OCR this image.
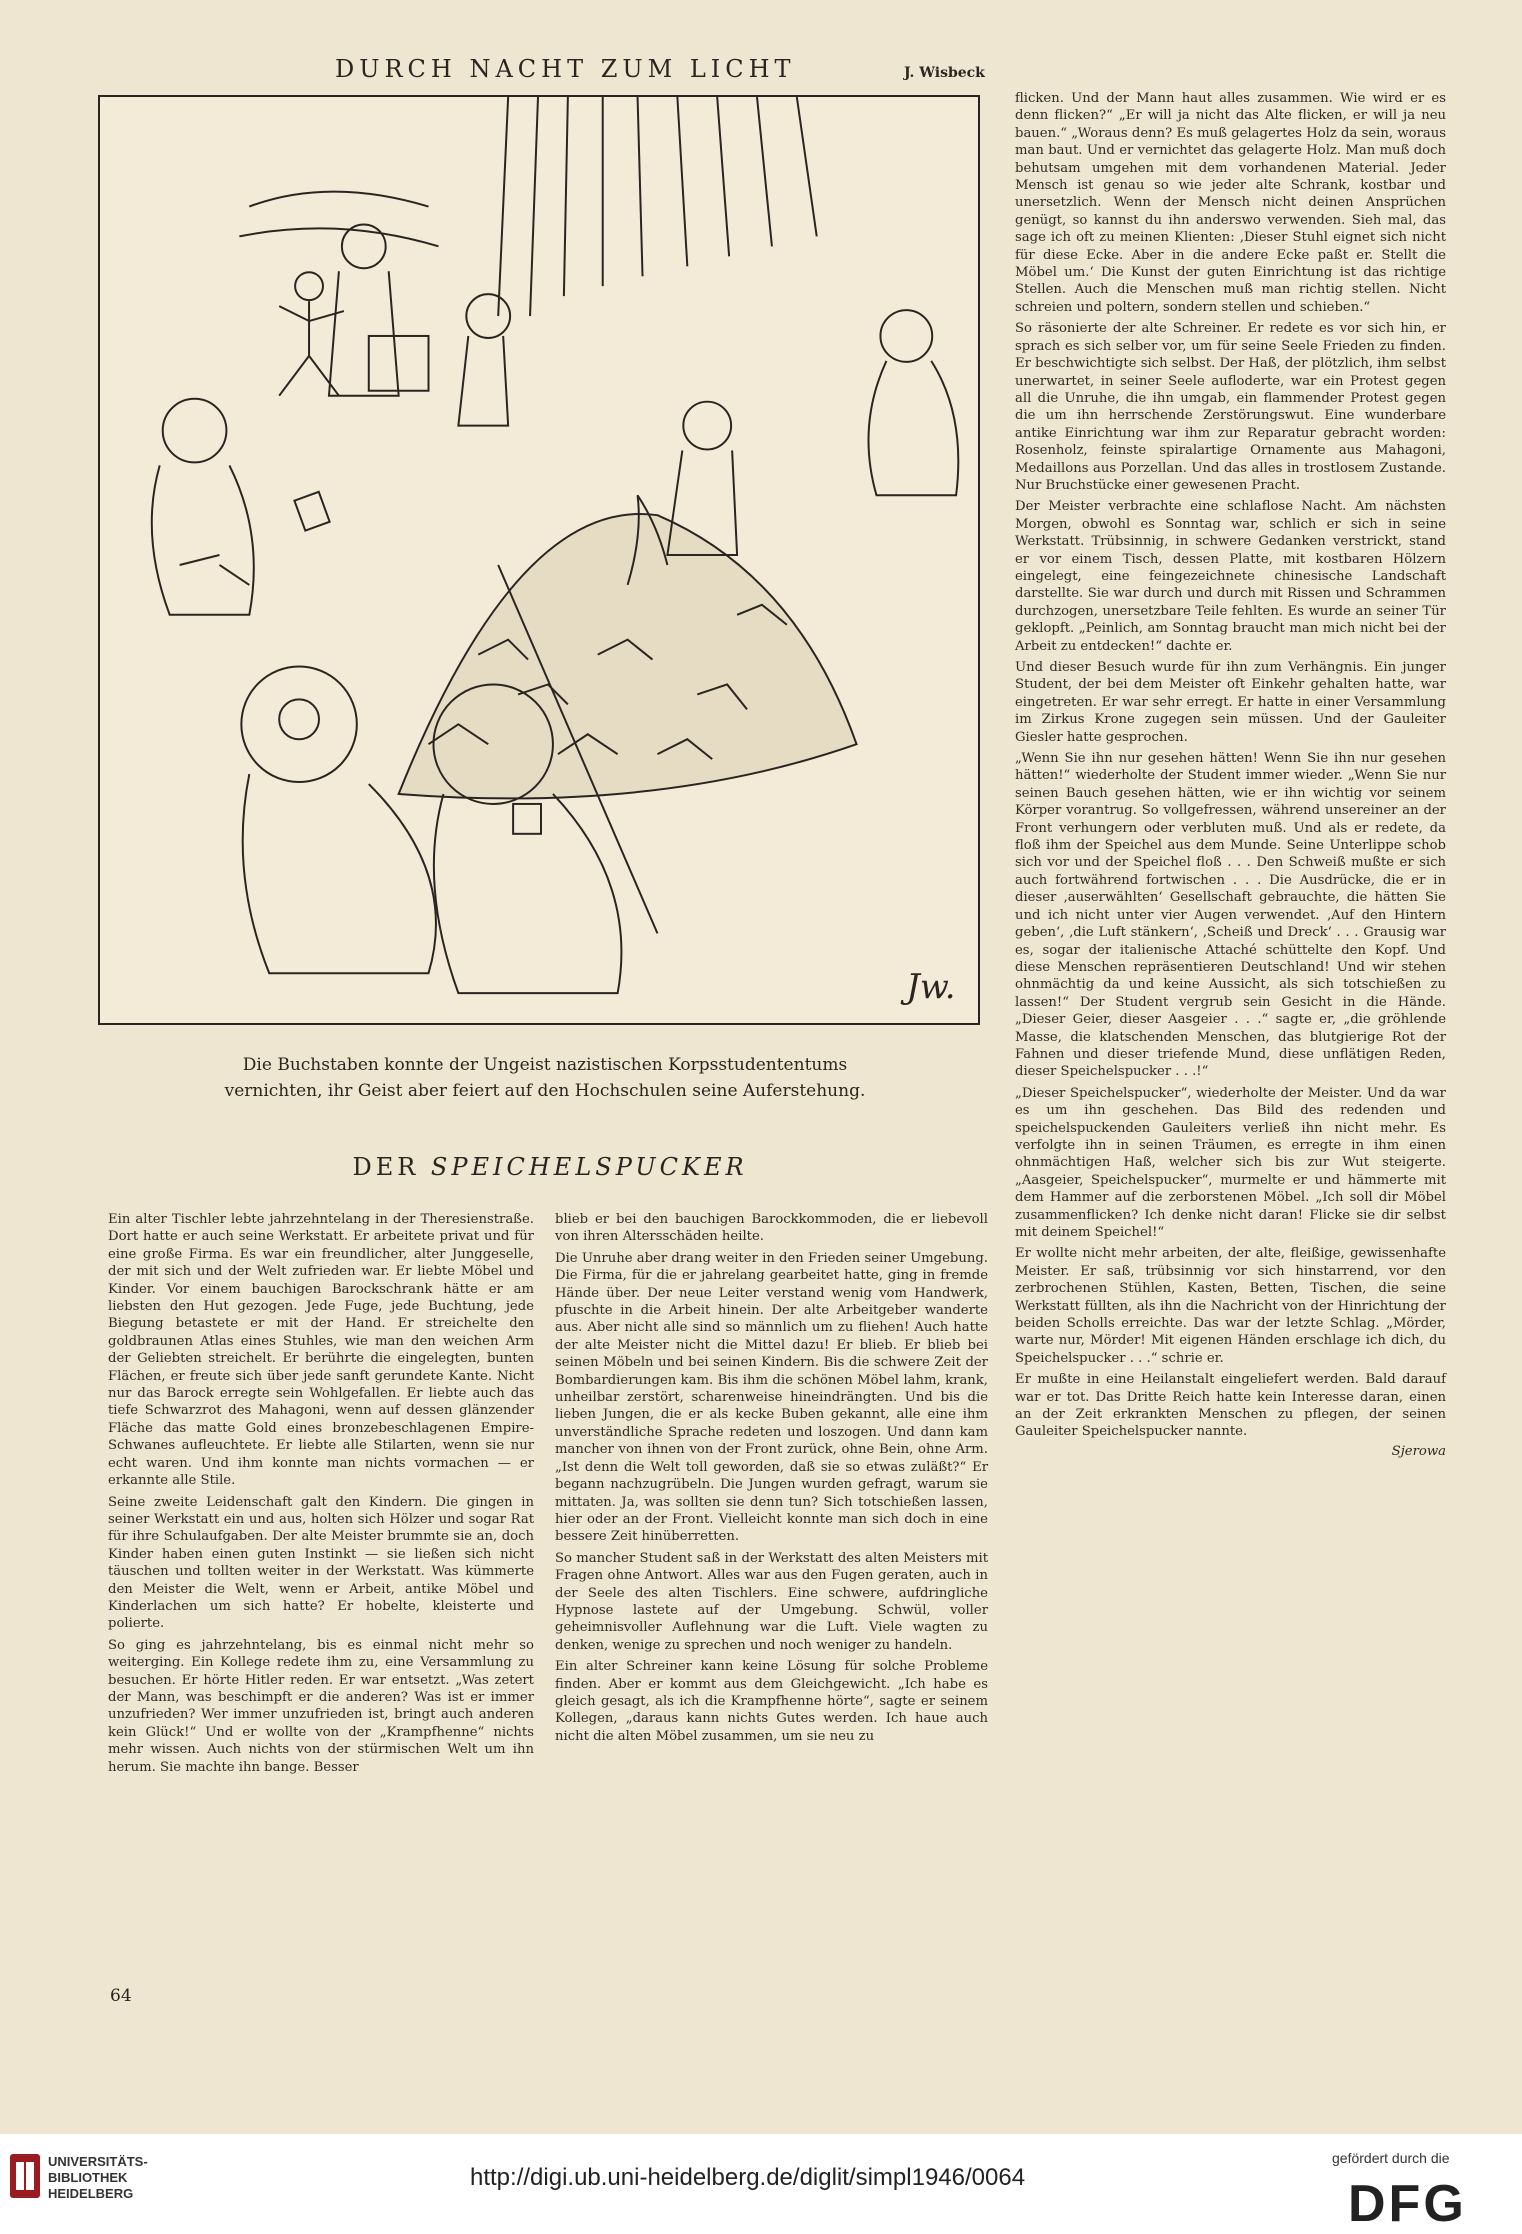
DURCH NACHT ZUM LICHT	J. Wisbeck
Jw.

Die Buchstaben konnte der Ungeist nazistischen Korpsstudententums

vernichten, ihr Geist aber feiert auf den Hochschulen seine Auferstehung.

DER SPEICHELSPUCKER

Ein alter Tischler lebte jahrzehntelang in der Theresienstraße. Dort hatte er auch seine Werkstatt. Er arbeitete privat und für eine große Firma. Es war ein freundlicher, alter Junggeselle, der mit sich und der Welt zufrieden war. Er liebte Möbel und Kinder. Vor einem bauchigen Barockschrank hätte er am liebsten den Hut gezogen. Jede Fuge, jede Buchtung, jede Biegung betastete er mit der Hand. Er streichelte den goldbraunen Atlas eines Stuhles, wie man den weichen Arm der Geliebten streichelt. Er berührte die eingelegten, bunten Flächen, er freute sich über jede sanft gerundete Kante. Nicht nur das Barock erregte sein Wohlgefallen. Er liebte auch das tiefe Schwarzrot des Mahagoni, wenn auf dessen glänzender Fläche das matte Gold eines bronzebeschlagenen Empire-Schwanes aufleuchtete. Er liebte alle Stilarten, wenn sie nur echt waren. Und ihm konnte man nichts vormachen — er erkannte alle Stile.

Seine zweite Leidenschaft galt den Kindern. Die gingen in seiner Werkstatt ein und aus, holten sich Hölzer und sogar Rat für ihre Schulaufgaben. Der alte Meister brummte sie an, doch Kinder haben einen guten Instinkt — sie ließen sich nicht täuschen und tollten weiter in der Werkstatt. Was kümmerte den Meister die Welt, wenn er Arbeit, antike Möbel und Kinderlachen um sich hatte? Er hobelte, kleisterte und polierte.

So ging es jahrzehntelang, bis es einmal nicht mehr so weiterging. Ein Kollege redete ihm zu, eine Versammlung zu besuchen. Er hörte Hitler reden. Er war entsetzt. „Was zetert der Mann, was beschimpft er die anderen? Was ist er immer unzufrieden? Wer immer unzufrieden ist, bringt auch anderen kein Glück!“ Und er wollte von der „Krampfhenne“ nichts mehr wissen. Auch nichts von der stürmischen Welt um ihn herum. Sie machte ihn bange. Besser

blieb er bei den bauchigen Barockkommoden, die er liebevoll von ihren Altersschäden heilte.

Die Unruhe aber drang weiter in den Frieden seiner Umgebung. Die Firma, für die er jahrelang gearbeitet hatte, ging in fremde Hände über. Der neue Leiter verstand wenig vom Handwerk, pfuschte in die Arbeit hinein. Der alte Arbeitgeber wanderte aus. Aber nicht alle sind so männlich um zu fliehen! Auch hatte der alte Meister nicht die Mittel dazu! Er blieb. Er blieb bei seinen Möbeln und bei seinen Kindern. Bis die schwere Zeit der Bombardierungen kam. Bis ihm die schönen Möbel lahm, krank, unheilbar zerstört, scharenweise hineindrängten. Und bis die lieben Jungen, die er als kecke Buben gekannt, alle eine ihm unverständliche Sprache redeten und loszogen. Und dann kam mancher von ihnen von der Front zurück, ohne Bein, ohne Arm. „Ist denn die Welt toll geworden, daß sie so etwas zuläßt?“ Er begann nachzugrübeln. Die Jungen wurden gefragt, warum sie mittaten. Ja, was sollten sie denn tun? Sich totschießen lassen, hier oder an der Front. Vielleicht konnte man sich doch in eine bessere Zeit hinüberretten.

So mancher Student saß in der Werkstatt des alten Meisters mit Fragen ohne Antwort. Alles war aus den Fugen geraten, auch in der Seele des alten Tischlers. Eine schwere, aufdringliche Hypnose lastete auf der Umgebung. Schwül, voller geheimnisvoller Auflehnung war die Luft. Viele wagten zu denken, wenige zu sprechen und noch weniger zu handeln.

Ein alter Schreiner kann keine Lösung für solche Probleme finden. Aber er kommt aus dem Gleichgewicht. „Ich habe es gleich gesagt, als ich die Krampfhenne hörte“, sagte er seinem Kollegen, „daraus kann nichts Gutes werden. Ich haue auch nicht die alten Möbel zusammen, um sie neu zu

flicken. Und der Mann haut alles zusammen. Wie wird er es denn flicken?“ „Er will ja nicht das Alte flicken, er will ja neu bauen.“ „Woraus denn? Es muß gelagertes Holz da sein, woraus man baut. Und er vernichtet das gelagerte Holz. Man muß doch behutsam umgehen mit dem vorhandenen Material. Jeder Mensch ist genau so wie jeder alte Schrank, kostbar und unersetzlich. Wenn der Mensch nicht deinen Ansprüchen genügt, so kannst du ihn anderswo verwenden. Sieh mal, das sage ich oft zu meinen Klienten: ‚Dieser Stuhl eignet sich nicht für diese Ecke. Aber in die andere Ecke paßt er. Stellt die Möbel um.‘ Die Kunst der guten Einrichtung ist das richtige Stellen. Auch die Menschen muß man richtig stellen. Nicht schreien und poltern, sondern stellen und schieben.“

So räsonierte der alte Schreiner. Er redete es vor sich hin, er sprach es sich selber vor, um für seine Seele Frieden zu finden. Er beschwichtigte sich selbst. Der Haß, der plötzlich, ihm selbst unerwartet, in seiner Seele aufloderte, war ein Protest gegen all die Unruhe, die ihn umgab, ein flammender Protest gegen die um ihn herrschende Zerstörungswut. Eine wunderbare antike Einrichtung war ihm zur Reparatur gebracht worden: Rosenholz, feinste spiralartige Ornamente aus Mahagoni, Medaillons aus Porzellan. Und das alles in trostlosem Zustande. Nur Bruchstücke einer gewesenen Pracht.

Der Meister verbrachte eine schlaflose Nacht. Am nächsten Morgen, obwohl es Sonntag war, schlich er sich in seine Werkstatt. Trübsinnig, in schwere Gedanken verstrickt, stand er vor einem Tisch, dessen Platte, mit kostbaren Hölzern eingelegt, eine feingezeichnete chinesische Landschaft darstellte. Sie war durch und durch mit Rissen und Schrammen durchzogen, unersetzbare Teile fehlten. Es wurde an seiner Tür geklopft. „Peinlich, am Sonntag braucht man mich nicht bei der Arbeit zu entdecken!“ dachte er.

Und dieser Besuch wurde für ihn zum Verhängnis. Ein junger Student, der bei dem Meister oft Einkehr gehalten hatte, war eingetreten. Er war sehr erregt. Er hatte in einer Versammlung im Zirkus Krone zugegen sein müssen. Und der Gauleiter Giesler hatte gesprochen.

„Wenn Sie ihn nur gesehen hätten! Wenn Sie ihn nur gesehen hätten!“ wiederholte der Student immer wieder. „Wenn Sie nur seinen Bauch gesehen hätten, wie er ihn wichtig vor seinem Körper vorantrug. So vollgefressen, während unsereiner an der Front verhungern oder verbluten muß. Und als er redete, da floß ihm der Speichel aus dem Munde. Seine Unterlippe schob sich vor und der Speichel floß . . . Den Schweiß mußte er sich auch fortwährend fortwischen . . . Die Ausdrücke, die er in dieser ‚auserwählten‘ Gesellschaft gebrauchte, die hätten Sie und ich nicht unter vier Augen verwendet. ‚Auf den Hintern geben‘, ‚die Luft stänkern‘, ‚Scheiß und Dreck‘ . . . Grausig war es, sogar der italienische Attaché schüttelte den Kopf. Und diese Menschen repräsentieren Deutschland! Und wir stehen ohnmächtig da und keine Aussicht, als sich totschießen zu lassen!“ Der Student vergrub sein Gesicht in die Hände. „Dieser Geier, dieser Aasgeier . . .“ sagte er, „die gröhlende Masse, die klatschenden Menschen, das blutgierige Rot der Fahnen und dieser triefende Mund, diese unflätigen Reden, dieser Speichelspucker . . .!“

„Dieser Speichelspucker“, wiederholte der Meister. Und da war es um ihn geschehen. Das Bild des redenden und speichelspuckenden Gauleiters verließ ihn nicht mehr. Es verfolgte ihn in seinen Träumen, es erregte in ihm einen ohnmächtigen Haß, welcher sich bis zur Wut steigerte. „Aasgeier, Speichelspucker“, murmelte er und hämmerte mit dem Hammer auf die zerborstenen Möbel. „Ich soll dir Möbel zusammenflicken? Ich denke nicht daran! Flicke sie dir selbst mit deinem Speichel!“

Er wollte nicht mehr arbeiten, der alte, fleißige, gewissenhafte Meister. Er saß, trübsinnig vor sich hinstarrend, vor den zerbrochenen Stühlen, Kasten, Betten, Tischen, die seine Werkstatt füllten, als ihn die Nachricht von der Hinrichtung der beiden Scholls erreichte. Das war der letzte Schlag. „Mörder, warte nur, Mörder! Mit eigenen Händen erschlage ich dich, du Speichelspucker . . .“ schrie er.

Er mußte in eine Heilanstalt eingeliefert werden. Bald darauf war er tot. Das Dritte Reich hatte kein Interesse daran, einen an der Zeit erkrankten Menschen zu pflegen, der seinen Gauleiter Speichelspucker nannte.

Sjerowa
64
UNIVERSITÄTS-
BIBLIOTHEK
HEIDELBERG
http://digi.ub.uni-heidelberg.de/diglit/simpl1946/0064
gefördert durch die
DFG
